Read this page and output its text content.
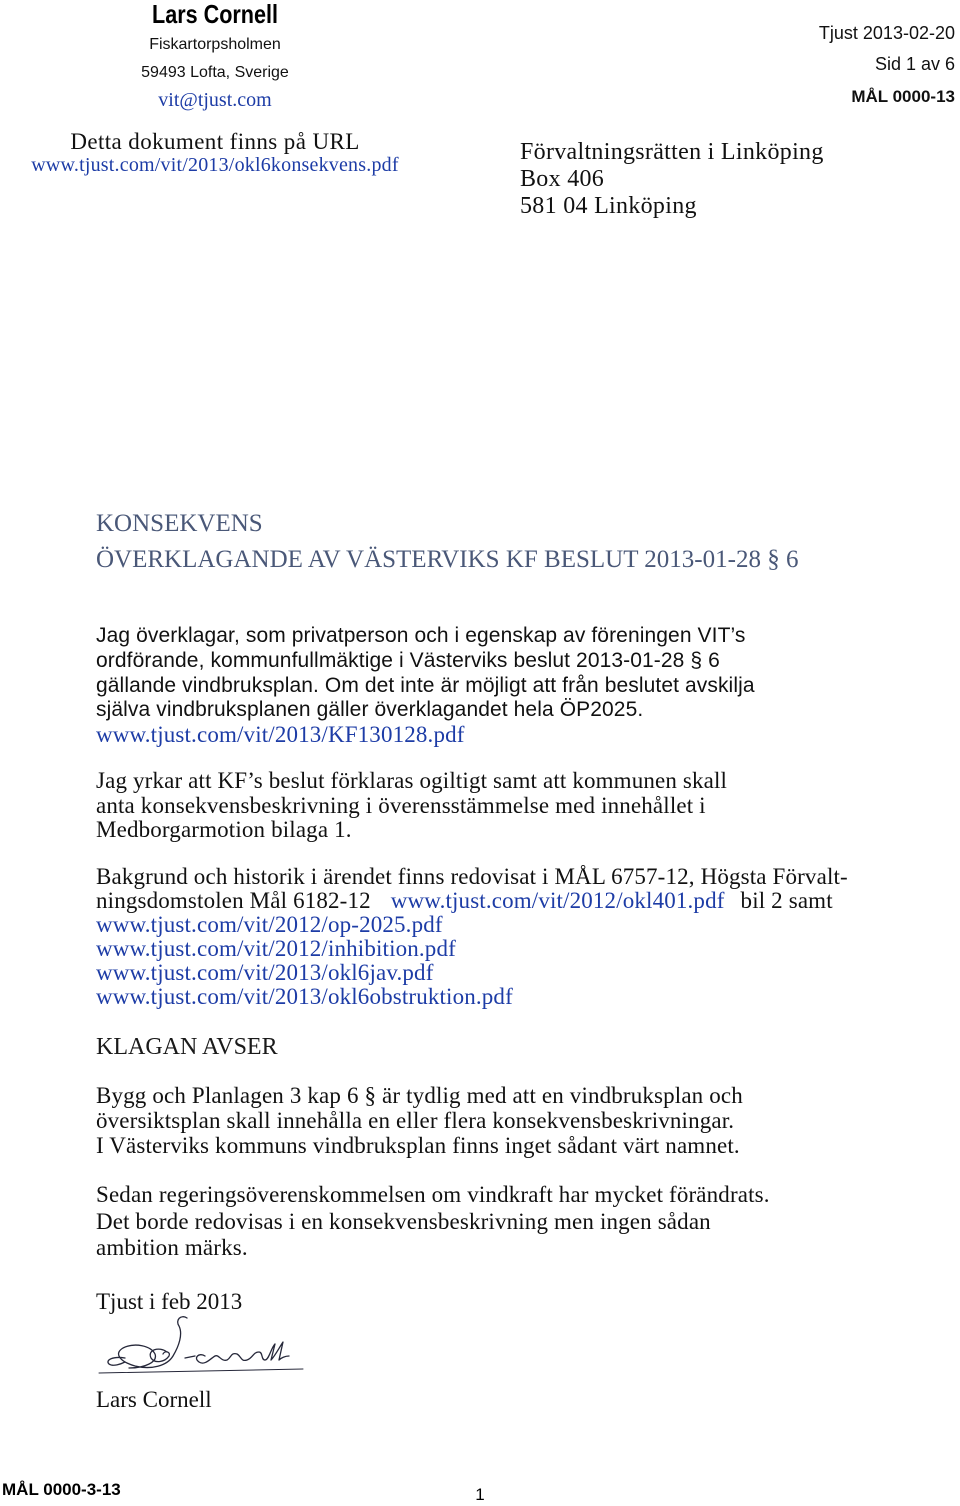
Lars Cornell
Fiskartorpsholmen
59493 Lofta, Sverige
vit@tjust.com
Detta dokument finns på URL
www.tjust.com/vit/2013/okl6konsekvens.pdf
Tjust 2013-02-20
Sid 1 av 6
MÅL 0000-13
Förvaltningsrätten i Linköping
Box 406
581 04 Linköping
KONSEKVENS
ÖVERKLAGANDE AV VÄSTERVIKS KF BESLUT 2013-01-28 § 6
Jag överklagar, som privatperson och i egenskap av föreningen VIT’s
ordförande, kommunfullmäktige i Västerviks beslut 2013-01-28 § 6
gällande vindbruksplan. Om det inte är möjligt att från beslutet avskilja
själva vindbruksplanen gäller överklagandet hela ÖP2025.
www.tjust.com/vit/2013/KF130128.pdf
Jag yrkar att KF’s beslut förklaras ogiltigt samt att kommunen skall
anta konsekvensbeskrivning i överensstämmelse med innehållet i
Medborgarmotion bilaga 1.
Bakgrund och historik i ärendet finns redovisat i MÅL 6757-12, Högsta Förvalt-
ningsdomstolen Mål 6182-12 www.tjust.com/vit/2012/okl401.pdf bil 2 samt
www.tjust.com/vit/2012/op-2025.pdf
www.tjust.com/vit/2012/inhibition.pdf
www.tjust.com/vit/2013/okl6jav.pdf
www.tjust.com/vit/2013/okl6obstruktion.pdf
KLAGAN AVSER
Bygg och Planlagen 3 kap 6 § är tydlig med att en vindbruksplan och
översiktsplan skall innehålla en eller flera konsekvensbeskrivningar.
I Västerviks kommuns vindbruksplan finns inget sådant värt namnet.
Sedan regeringsöverenskommelsen om vindkraft har mycket förändrats.
Det borde redovisas i en konsekvensbeskrivning men ingen sådan
ambition märks.
Tjust i feb 2013
Lars Cornell
MÅL 0000-3-13	1
